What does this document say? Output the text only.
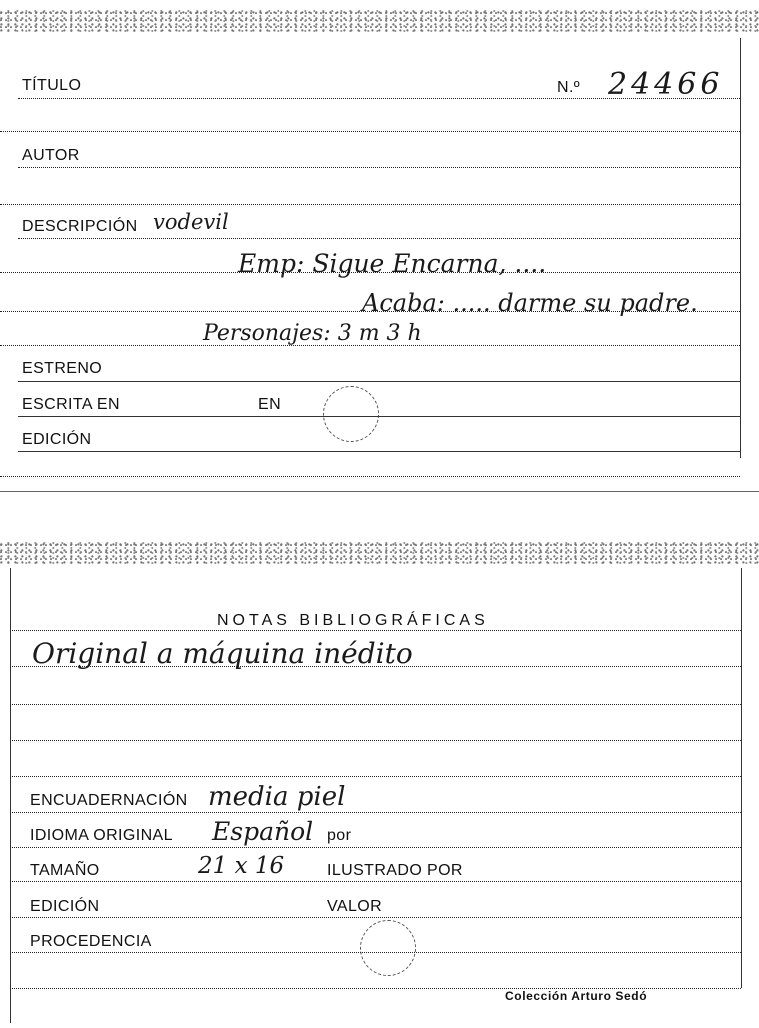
TÍTULO	N.º 24466
AUTOR
DESCRIPCIÓN vodevil
Emp: Sigue Encarna, ....
Acaba: ..... darme su padre.
Personajes: 3 m 3 h
ESTRENO
ESCRITA EN	EN
EDICIÓN
NOTAS BIBLIOGRÁFICAS
Original a máquina inédito
ENCUADERNACIÓN media piel
IDIOMA ORIGINAL Español por
TAMAÑO	21 x 16	ILUSTRADO POR
EDICIÓN	VALOR
PROCEDENCIA
Colección Arturo Sedó
